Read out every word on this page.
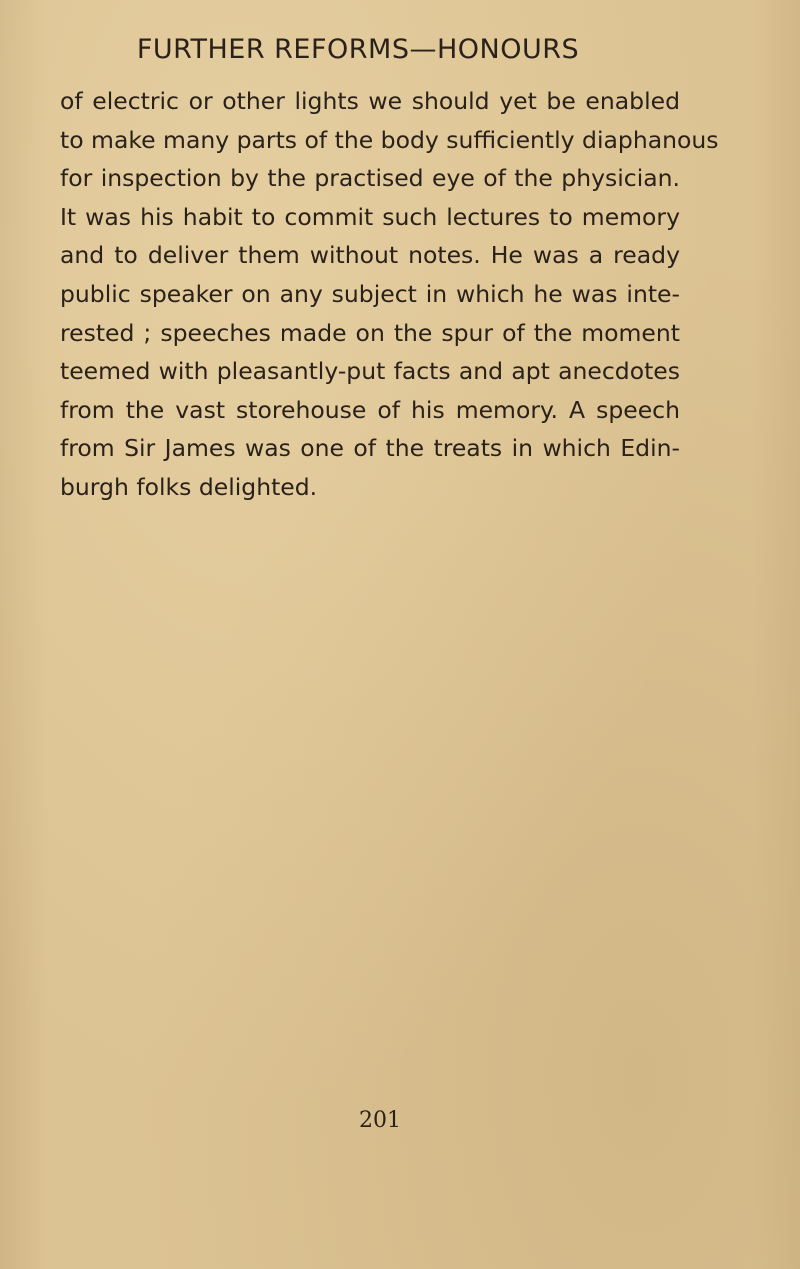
FURTHER REFORMS—HONOURS
of electric or other lights we should yet be enabled
to make many parts of the body sufficiently diaphanous
for inspection by the practised eye of the physician.
It was his habit to commit such lectures to memory
and to deliver them without notes. He was a ready
public speaker on any subject in which he was inte-
rested ; speeches made on the spur of the moment
teemed with pleasantly-put facts and apt anecdotes
from the vast storehouse of his memory. A speech
from Sir James was one of the treats in which Edin-
burgh folks delighted.
201
